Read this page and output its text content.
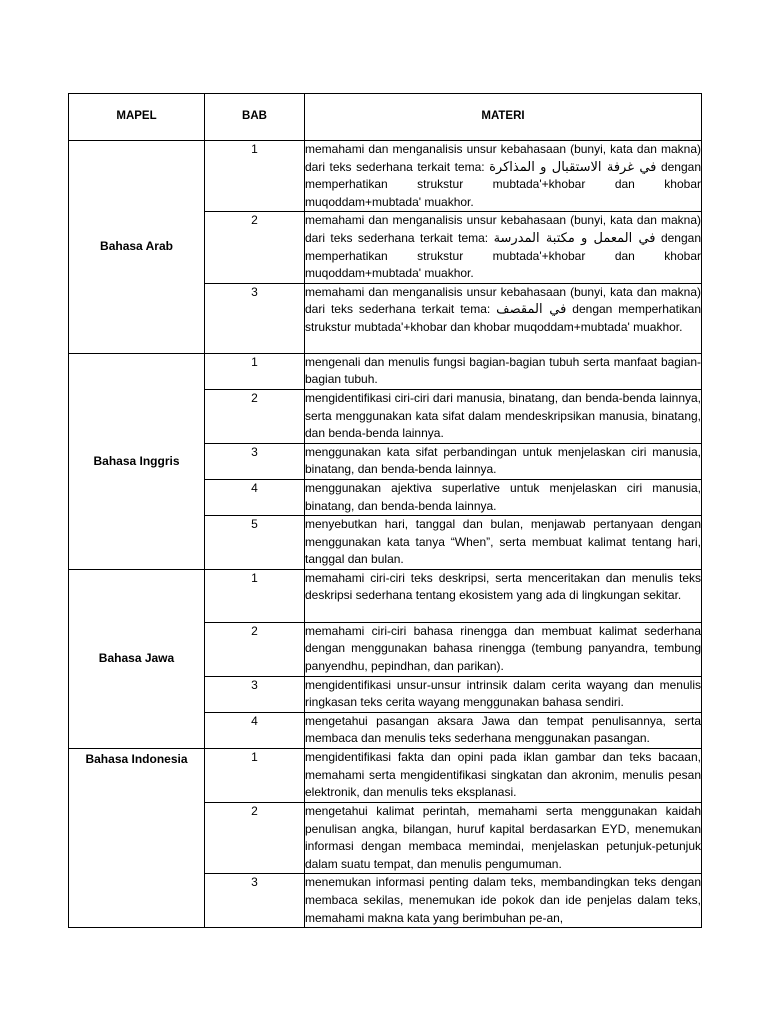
MAPEL	BAB	MATERI
Bahasa Arab	1	memahami dan menganalisis unsur kebahasaan (bunyi, kata dan makna) dari teks sederhana terkait tema: في غرفة الاستقبال و المذاكرة dengan memperhatikan strukstur mubtada'+khobar dan khobar muqoddam+mubtada' muakhor.
	2	memahami dan menganalisis unsur kebahasaan (bunyi, kata dan makna) dari teks sederhana terkait tema: في المعمل و مكتبة المدرسة dengan memperhatikan strukstur mubtada'+khobar dan khobar muqoddam+mubtada' muakhor.
	3	memahami dan menganalisis unsur kebahasaan (bunyi, kata dan makna) dari teks sederhana terkait tema: في المقصف dengan memperhatikan strukstur mubtada'+khobar dan khobar muqoddam+mubtada' muakhor.
Bahasa Inggris	1	mengenali dan menulis fungsi bagian-bagian tubuh serta manfaat bagian-bagian tubuh.
	2	mengidentifikasi ciri-ciri dari manusia, binatang, dan benda-benda lainnya, serta menggunakan kata sifat dalam mendeskripsikan manusia, binatang, dan benda-benda lainnya.
	3	menggunakan kata sifat perbandingan untuk menjelaskan ciri manusia, binatang, dan benda-benda lainnya.
	4	menggunakan ajektiva superlative untuk menjelaskan ciri manusia, binatang, dan benda-benda lainnya.
	5	menyebutkan hari, tanggal dan bulan, menjawab pertanyaan dengan menggunakan kata tanya “When”, serta membuat kalimat tentang hari, tanggal dan bulan.
Bahasa Jawa	1	memahami ciri-ciri teks deskripsi, serta menceritakan dan menulis teks deskripsi sederhana tentang ekosistem yang ada di lingkungan sekitar.
	2	memahami ciri-ciri bahasa rinengga dan membuat kalimat sederhana dengan menggunakan bahasa rinengga (tembung panyandra, tembung panyendhu, pepindhan, dan parikan).
	3	mengidentifikasi unsur-unsur intrinsik dalam cerita wayang dan menulis ringkasan teks cerita wayang menggunakan bahasa sendiri.
	4	mengetahui pasangan aksara Jawa dan tempat penulisannya, serta membaca dan menulis teks sederhana menggunakan pasangan.
Bahasa Indonesia	1	mengidentifikasi fakta dan opini pada iklan gambar dan teks bacaan, memahami serta mengidentifikasi singkatan dan akronim, menulis pesan elektronik, dan menulis teks eksplanasi.
	2	mengetahui kalimat perintah, memahami serta menggunakan kaidah penulisan angka, bilangan, huruf kapital berdasarkan EYD, menemukan informasi dengan membaca memindai, menjelaskan petunjuk-petunjuk dalam suatu tempat, dan menulis pengumuman.
	3	menemukan informasi penting dalam teks, membandingkan teks dengan membaca sekilas, menemukan ide pokok dan ide penjelas dalam teks, memahami makna kata yang berimbuhan pe-an,
